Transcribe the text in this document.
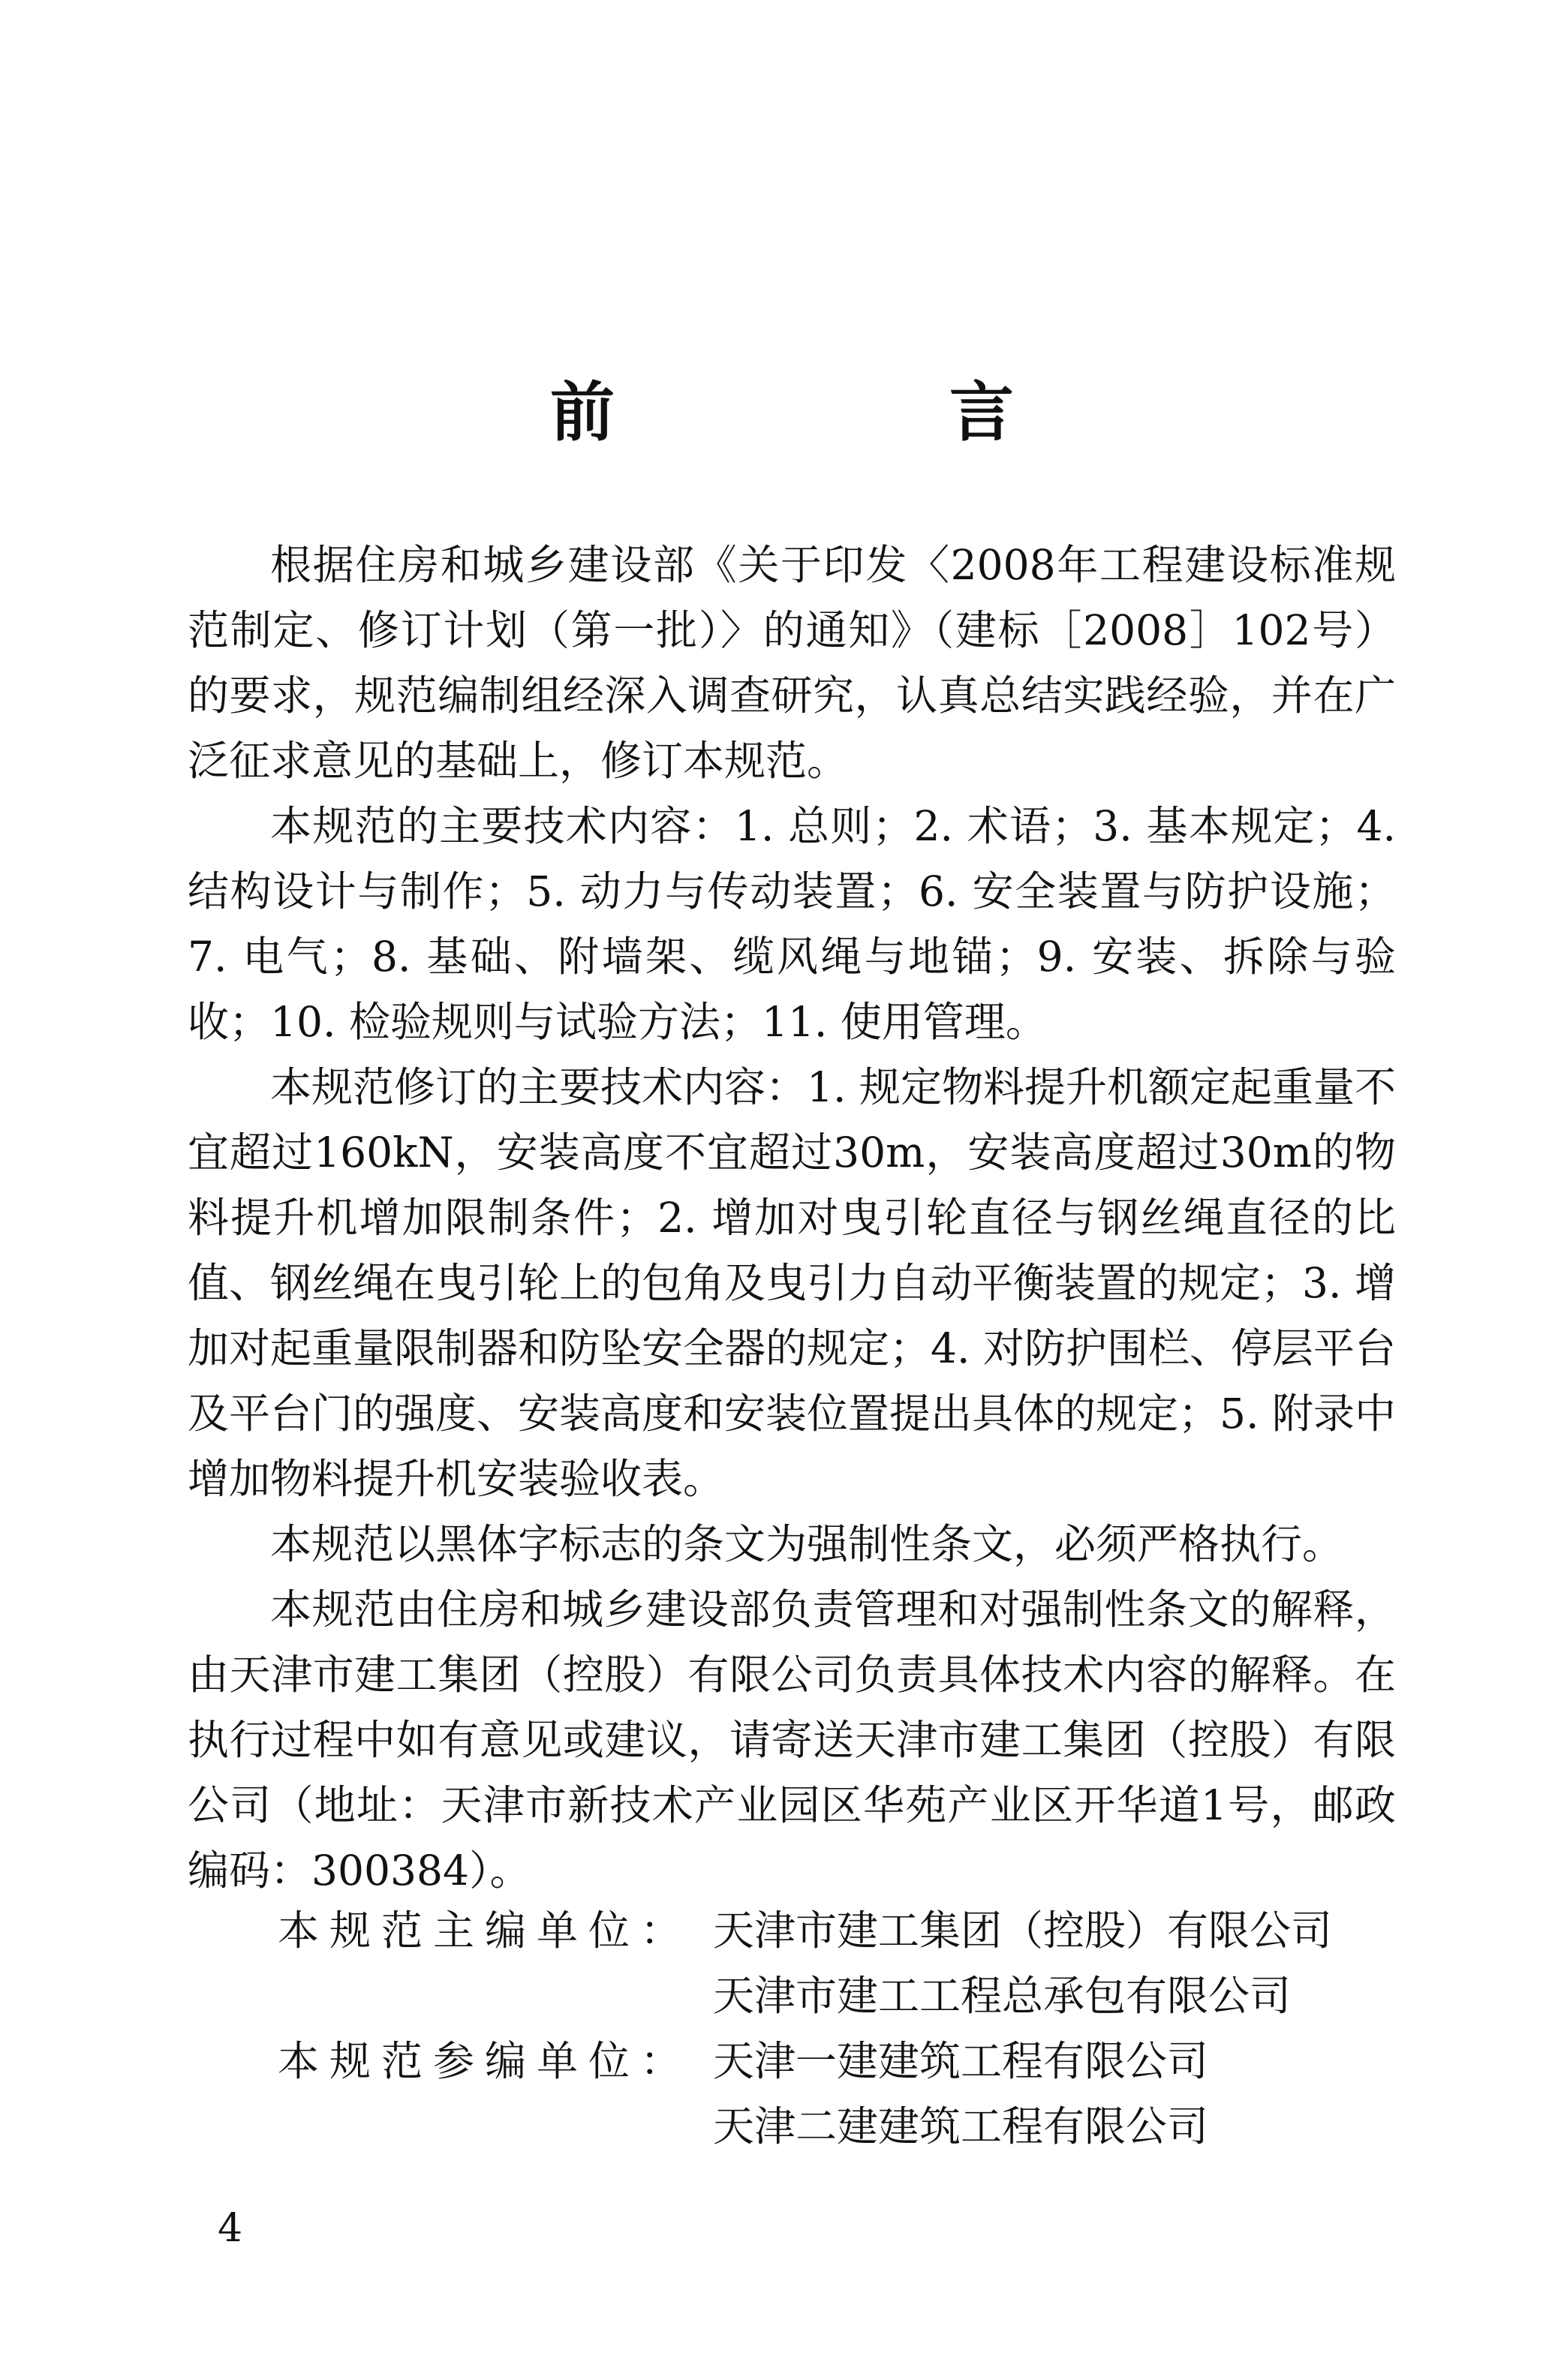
前　言

根据住房和城乡建设部《关于印发〈2008年工程建设标准规范制定、修订计划（第一批）〉的通知》（建标［2008］102号）的要求，规范编制组经深入调查研究，认真总结实践经验，并在广泛征求意见的基础上，修订本规范。

本规范的主要技术内容：1. 总则；2. 术语；3. 基本规定；4. 结构设计与制作；5. 动力与传动装置；6. 安全装置与防护设施；7. 电气；8. 基础、附墙架、缆风绳与地锚；9. 安装、拆除与验收；10. 检验规则与试验方法；11. 使用管理。

本规范修订的主要技术内容：1. 规定物料提升机额定起重量不宜超过160kN，安装高度不宜超过30m，安装高度超过30m的物料提升机增加限制条件；2. 增加对曳引轮直径与钢丝绳直径的比值、钢丝绳在曳引轮上的包角及曳引力自动平衡装置的规定；3. 增加对起重量限制器和防坠安全器的规定；4. 对防护围栏、停层平台及平台门的强度、安装高度和安装位置提出具体的规定；5. 附录中增加物料提升机安装验收表。

本规范以黑体字标志的条文为强制性条文，必须严格执行。

本规范由住房和城乡建设部负责管理和对强制性条文的解释，由天津市建工集团（控股）有限公司负责具体技术内容的解释。在执行过程中如有意见或建议，请寄送天津市建工集团（控股）有限公司（地址：天津市新技术产业园区华苑产业区开华道1号，邮政编码：300384）。

本规范主编单位： 天津市建工集团（控股）有限公司
天津市建工工程总承包有限公司
本规范参编单位： 天津一建建筑工程有限公司
天津二建建筑工程有限公司
4
